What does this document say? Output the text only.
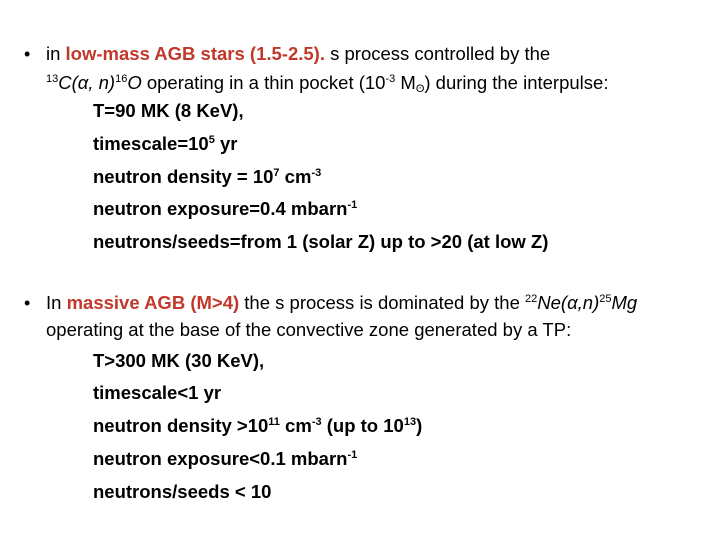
• in low-mass AGB stars (1.5-2.5). s process controlled by the
$^{13}$C(α, n)$^{16}$O operating in a thin pocket ($10^{-3}$ $M_ʘ$) during the interpulse:
T=90 MK (8 KeV),
$timescale=10^5$ yr
neutron density = $10^7$ $cm^{-3}$
neutron exposure=0.4 mbarn$^{-1}$
neutrons/seeds=from 1 (solar Z) up to >20 (at low Z)
• In massive AGB (M>4) the s process is dominated by the $^{22}Ne(\alpha,n)^{25}Mg$
operating at the base of the convective zone generated by a TP:
T>300 MK (30 KeV),
timescale<1 yr
neutron density $>10^{11}$ $cm^{-3}$ (up to $10^{13}$)
neutron exposure<0.1 mbarn$^{-1}$
neutrons/seeds < 10
